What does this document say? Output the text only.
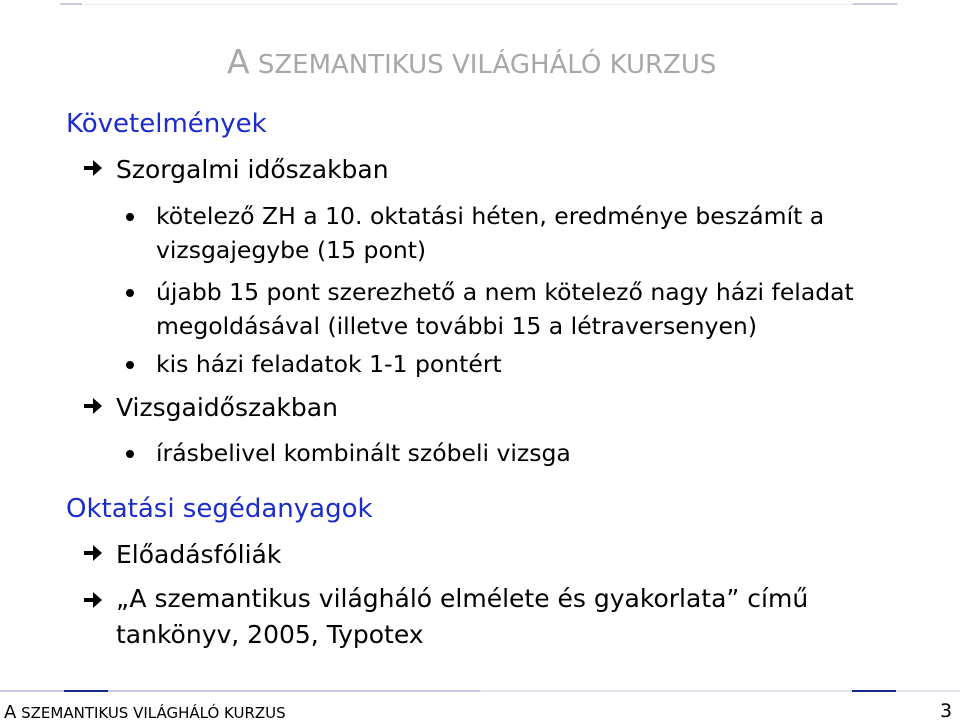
A SZEMANTIKUS VILÁGHÁLÓ KURZUS
Követelmények
Szorgalmi időszakban
kötelező ZH a 10. oktatási héten, eredménye beszámít a
vizsgajegybe (15 pont)
újabb 15 pont szerezhető a nem kötelező nagy házi feladat
megoldásával (illetve további 15 a létraversenyen)
kis házi feladatok 1-1 pontért
Vizsgaidőszakban
írásbelivel kombinált szóbeli vizsga
Oktatási segédanyagok
Előadásfóliák
„A szemantikus világháló elmélete és gyakorlata” című
tankönyv, 2005, Typotex
A SZEMANTIKUS VILÁGHÁLÓ KURZUS	3
